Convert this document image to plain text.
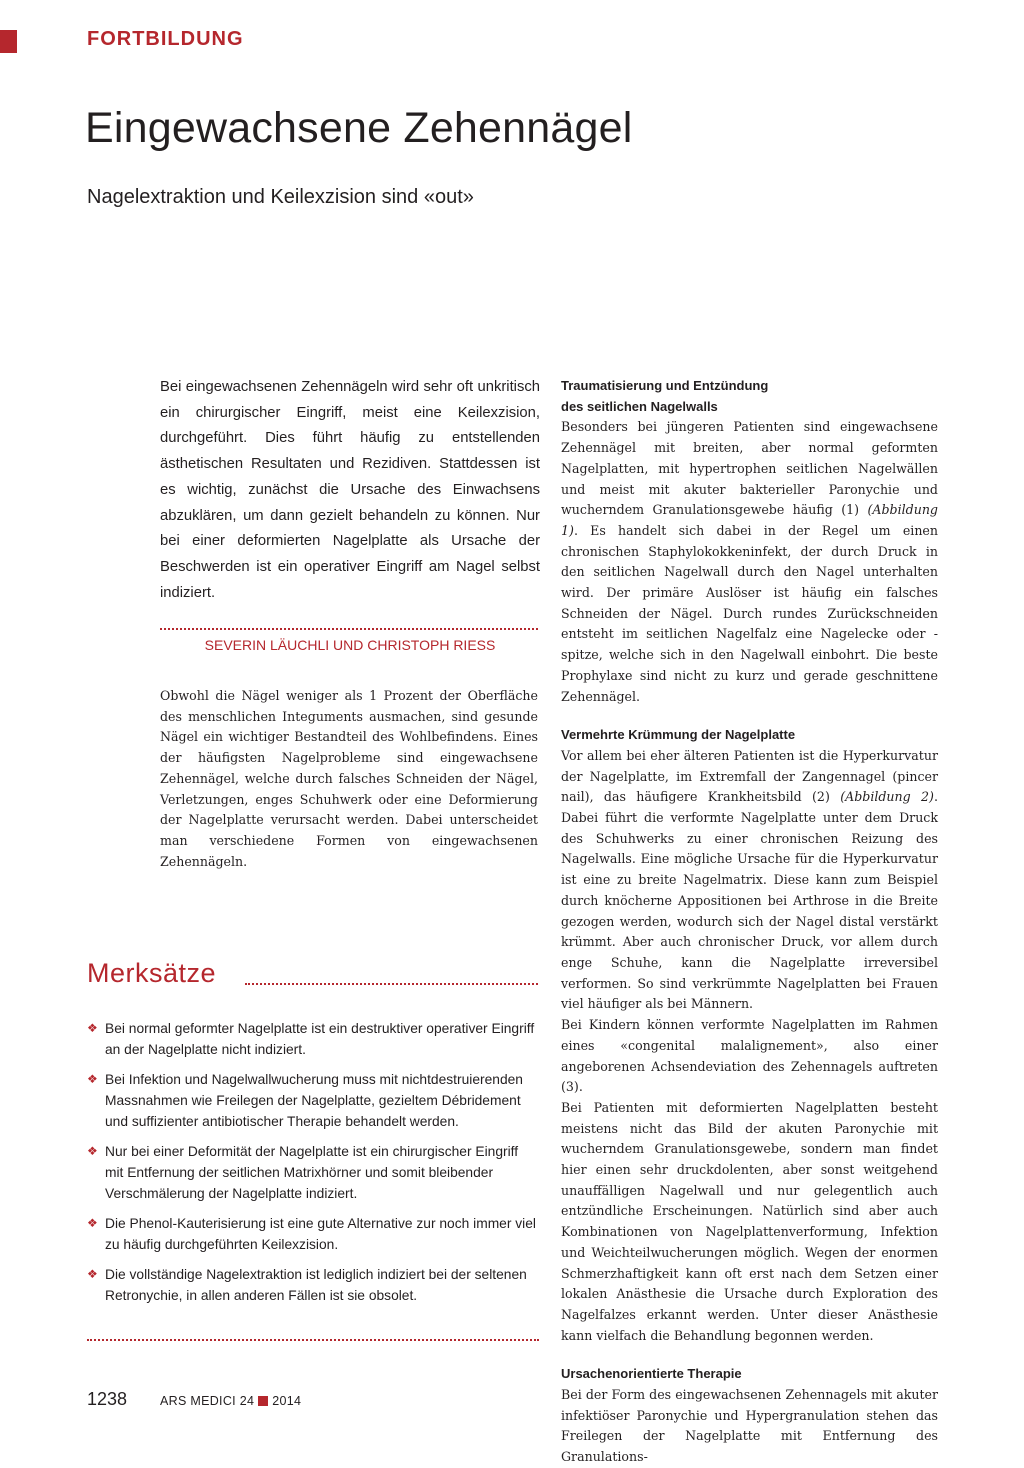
FORTBILDUNG
Eingewachsene Zehennägel
Nagelextraktion und Keilexzision sind «out»

Bei eingewachsenen Zehennägeln wird sehr oft unkritisch ein chirurgischer Eingriff, meist eine Keilexzision, durchgeführt. Dies führt häufig zu entstellenden ästhetischen Resultaten und Rezidiven. Stattdessen ist es wichtig, zunächst die Ursache des Einwachsens abzuklären, um dann gezielt behandeln zu können. Nur bei einer deformierten Nagelplatte als Ursache der Beschwerden ist ein operativer Eingriff am Nagel selbst indiziert.

SEVERIN LÄUCHLI UND CHRISTOPH RIESS

Obwohl die Nägel weniger als 1 Prozent der Oberfläche des menschlichen Integuments ausmachen, sind gesunde Nägel ein wichtiger Bestandteil des Wohlbefindens. Eines der häufigsten Nagelprobleme sind eingewachsene Zehennägel, welche durch falsches Schneiden der Nägel, Verletzungen, enges Schuhwerk oder eine Deformierung der Nagelplatte verursacht werden. Dabei unterscheidet man verschiedene Formen von eingewachsenen Zehennägeln.

Merksätze
❖ Bei normal geformter Nagelplatte ist ein destruktiver operativer Eingriff an der Nagelplatte nicht indiziert.
❖ Bei Infektion und Nagelwallwucherung muss mit nichtdestruierenden Massnahmen wie Freilegen der Nagelplatte, gezieltem Débridement und suffizienter antibiotischer Therapie behandelt werden.
❖ Nur bei einer Deformität der Nagelplatte ist ein chirurgischer Eingriff mit Entfernung der seitlichen Matrixhörner und somit bleibender Verschmälerung der Nagelplatte indiziert.
❖ Die Phenol-Kauterisierung ist eine gute Alternative zur noch immer viel zu häufig durchgeführten Keilexzision.
❖ Die vollständige Nagelextraktion ist lediglich indiziert bei der seltenen Retronychie, in allen anderen Fällen ist sie obsolet.
Traumatisierung und Entzündung
des seitlichen Nagelwalls

Besonders bei jüngeren Patienten sind eingewachsene Zehennägel mit breiten, aber normal geformten Nagelplatten, mit hypertrophen seitlichen Nagelwällen und meist mit akuter bakterieller Paronychie und wucherndem Granulationsgewebe häufig (1) (Abbildung 1). Es handelt sich dabei in der Regel um einen chronischen Staphylokokkeninfekt, der durch Druck in den seitlichen Nagelwall durch den Nagel unterhalten wird. Der primäre Auslöser ist häufig ein falsches Schneiden der Nägel. Durch rundes Zurückschneiden entsteht im seitlichen Nagelfalz eine Nagelecke oder -spitze, welche sich in den Nagelwall einbohrt. Die beste Prophylaxe sind nicht zu kurz und gerade geschnittene Zehennägel.

Vermehrte Krümmung der Nagelplatte

Vor allem bei eher älteren Patienten ist die Hyperkurvatur der Nagelplatte, im Extremfall der Zangennagel (pincer nail), das häufigere Krankheitsbild (2) (Abbildung 2). Dabei führt die verformte Nagelplatte unter dem Druck des Schuhwerks zu einer chronischen Reizung des Nagelwalls. Eine mögliche Ursache für die Hyperkurvatur ist eine zu breite Nagelmatrix. Diese kann zum Beispiel durch knöcherne Appositionen bei Arthrose in die Breite gezogen werden, wodurch sich der Nagel distal verstärkt krümmt. Aber auch chronischer Druck, vor allem durch enge Schuhe, kann die Nagelplatte irreversibel verformen. So sind verkrümmte Nagelplatten bei Frauen viel häufiger als bei Männern.

Bei Kindern können verformte Nagelplatten im Rahmen eines «congenital malalignement», also einer angeborenen Achsendeviation des Zehennagels auftreten (3).

Bei Patienten mit deformierten Nagelplatten besteht meistens nicht das Bild der akuten Paronychie mit wucherndem Granulationsgewebe, sondern man findet hier einen sehr druckdolenten, aber sonst weitgehend unauffälligen Nagelwall und nur gelegentlich auch entzündliche Erscheinungen. Natürlich sind aber auch Kombinationen von Nagelplattenverformung, Infektion und Weichteilwucherungen möglich. Wegen der enormen Schmerzhaftigkeit kann oft erst nach dem Setzen einer lokalen Anästhesie die Ursache durch Exploration des Nagelfalzes erkannt werden. Unter dieser Anästhesie kann vielfach die Behandlung begonnen werden.

Ursachenorientierte Therapie

Bei der Form des eingewachsenen Zehennagels mit akuter infektiöser Paronychie und Hypergranulation stehen das Freilegen der Nagelplatte mit Entfernung des Granulations-

1238	ARS MEDICI 24 2014
